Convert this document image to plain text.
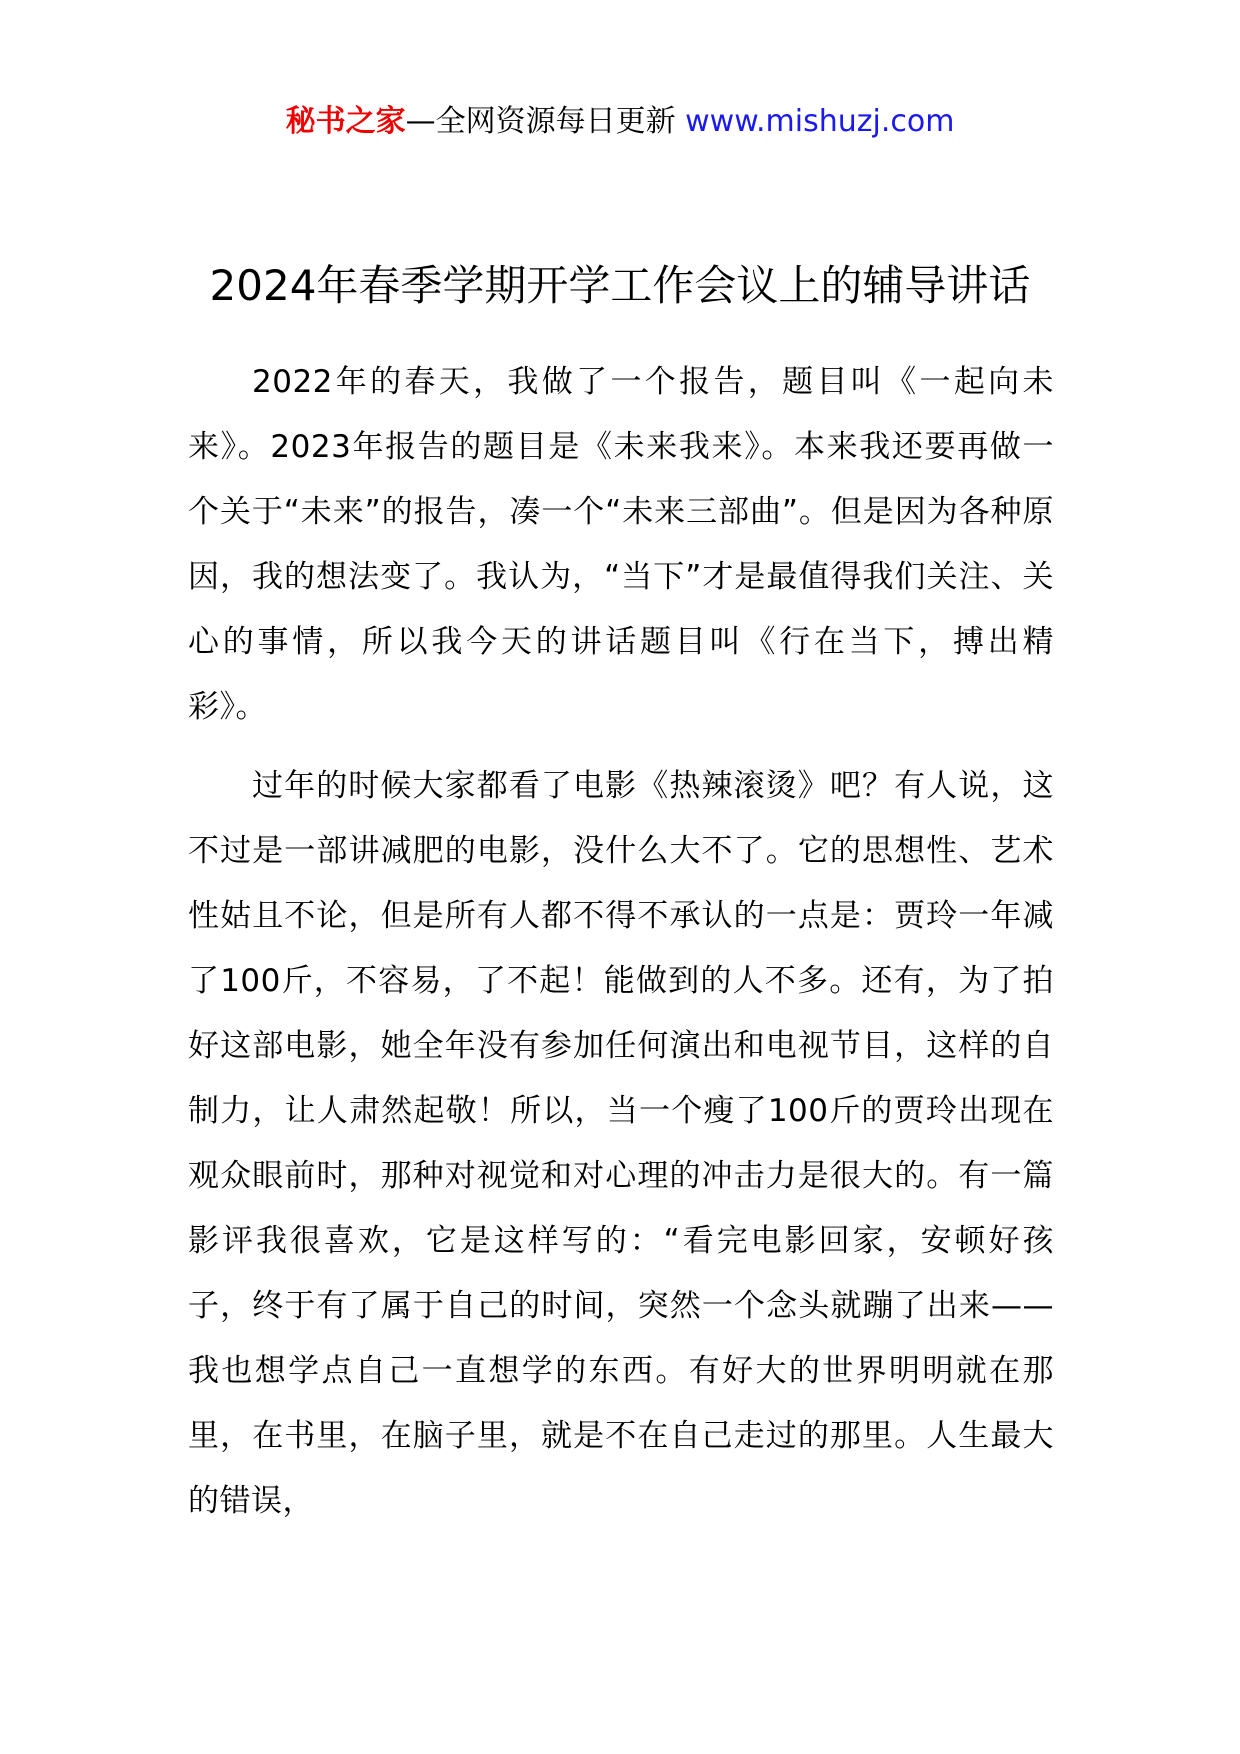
秘书之家—全网资源每日更新 www.mishuzj.com
2024年春季学期开学工作会议上的辅导讲话

2022年的春天，我做了一个报告，题目叫《一起向未来》。2023年报告的题目是《未来我来》。本来我还要再做一个关于“未来”的报告，凑一个“未来三部曲”。但是因为各种原因，我的想法变了。我认为，“当下”才是最值得我们关注、关心的事情，所以我今天的讲话题目叫《行在当下，搏出精彩》。

过年的时候大家都看了电影《热辣滚烫》吧？有人说，这不过是一部讲减肥的电影，没什么大不了。它的思想性、艺术性姑且不论，但是所有人都不得不承认的一点是：贾玲一年减了100斤，不容易，了不起！能做到的人不多。还有，为了拍好这部电影，她全年没有参加任何演出和电视节目，这样的自制力，让人肃然起敬！所以，当一个瘦了100斤的贾玲出现在观众眼前时，那种对视觉和对心理的冲击力是很大的。有一篇影评我很喜欢，它是这样写的：“看完电影回家，安顿好孩子，终于有了属于自己的时间，突然一个念头就蹦了出来——我也想学点自己一直想学的东西。有好大的世界明明就在那里，在书里，在脑子里，就是不在自己走过的那里。人生最大的错误，
